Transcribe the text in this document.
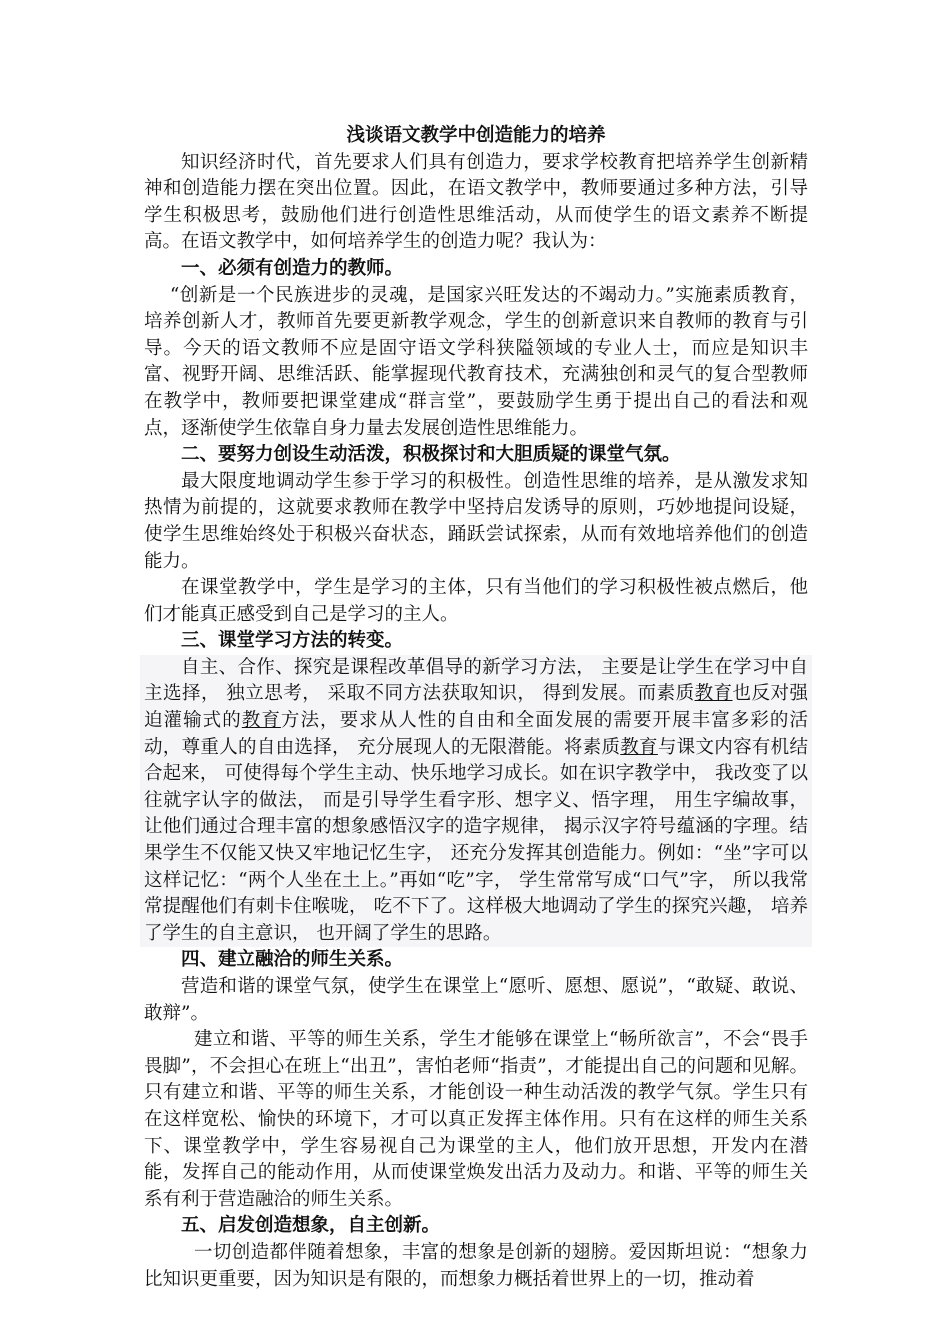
浅谈语文教学中创造能力的培养

知识经济时代，首先要求人们具有创造力，要求学校教育把培养学生创新精神和创造能力摆在突出位置。因此，在语文教学中，教师要通过多种方法，引导学生积极思考，鼓励他们进行创造性思维活动，从而使学生的语文素养不断提高。在语文教学中，如何培养学生的创造力呢？我认为：

一、必须有创造力的教师。

“创新是一个民族进步的灵魂，是国家兴旺发达的不竭动力。”实施素质教育，培养创新人才，教师首先要更新教学观念，学生的创新意识来自教师的教育与引导。今天的语文教师不应是固守语文学科狭隘领域的专业人士，而应是知识丰富、视野开阔、思维活跃、能掌握现代教育技术，充满独创和灵气的复合型教师在教学中，教师要把课堂建成“群言堂”，要鼓励学生勇于提出自己的看法和观点，逐渐使学生依靠自身力量去发展创造性思维能力。

二、要努力创设生动活泼，积极探讨和大胆质疑的课堂气氛。

最大限度地调动学生参于学习的积极性。创造性思维的培养，是从激发求知热情为前提的，这就要求教师在教学中坚持启发诱导的原则，巧妙地提问设疑，使学生思维始终处于积极兴奋状态，踊跃尝试探索，从而有效地培养他们的创造能力。

在课堂教学中，学生是学习的主体，只有当他们的学习积极性被点燃后，他们才能真正感受到自己是学习的主人。

三、课堂学习方法的转变。

自主、合作、探究是课程改革倡导的新学习方法， 主要是让学生在学习中自主选择， 独立思考， 采取不同方法获取知识， 得到发展。而素质教育也反对强迫灌输式的教育方法，要求从人性的自由和全面发展的需要开展丰富多彩的活动，尊重人的自由选择， 充分展现人的无限潜能。将素质教育与课文内容有机结合起来， 可使得每个学生主动、快乐地学习成长。如在识字教学中， 我改变了以往就字认字的做法， 而是引导学生看字形、想字义、悟字理， 用生字编故事， 让他们通过合理丰富的想象感悟汉字的造字规律， 揭示汉字符号蕴涵的字理。结果学生不仅能又快又牢地记忆生字， 还充分发挥其创造能力。例如：“坐”字可以这样记忆：“两个人坐在土上。”再如“吃”字， 学生常常写成“口气”字， 所以我常常提醒他们有刺卡住喉咙， 吃不下了。这样极大地调动了学生的探究兴趣， 培养了学生的自主意识， 也开阔了学生的思路。

四、建立融洽的师生关系。

营造和谐的课堂气氛，使学生在课堂上“愿听、愿想、愿说”，“敢疑、敢说、敢辩”。

建立和谐、平等的师生关系，学生才能够在课堂上“畅所欲言”，不会“畏手畏脚”，不会担心在班上“出丑”，害怕老师“指责”，才能提出自己的问题和见解。只有建立和谐、平等的师生关系，才能创设一种生动活泼的教学气氛。学生只有在这样宽松、愉快的环境下，才可以真正发挥主体作用。只有在这样的师生关系下、课堂教学中，学生容易视自己为课堂的主人，他们放开思想，开发内在潜能，发挥自己的能动作用，从而使课堂焕发出活力及动力。和谐、平等的师生关系有利于营造融洽的师生关系。

五、启发创造想象，自主创新。

一切创造都伴随着想象，丰富的想象是创新的翅膀。爱因斯坦说：“想象力比知识更重要，因为知识是有限的，而想象力概括着世界上的一切，推动着
